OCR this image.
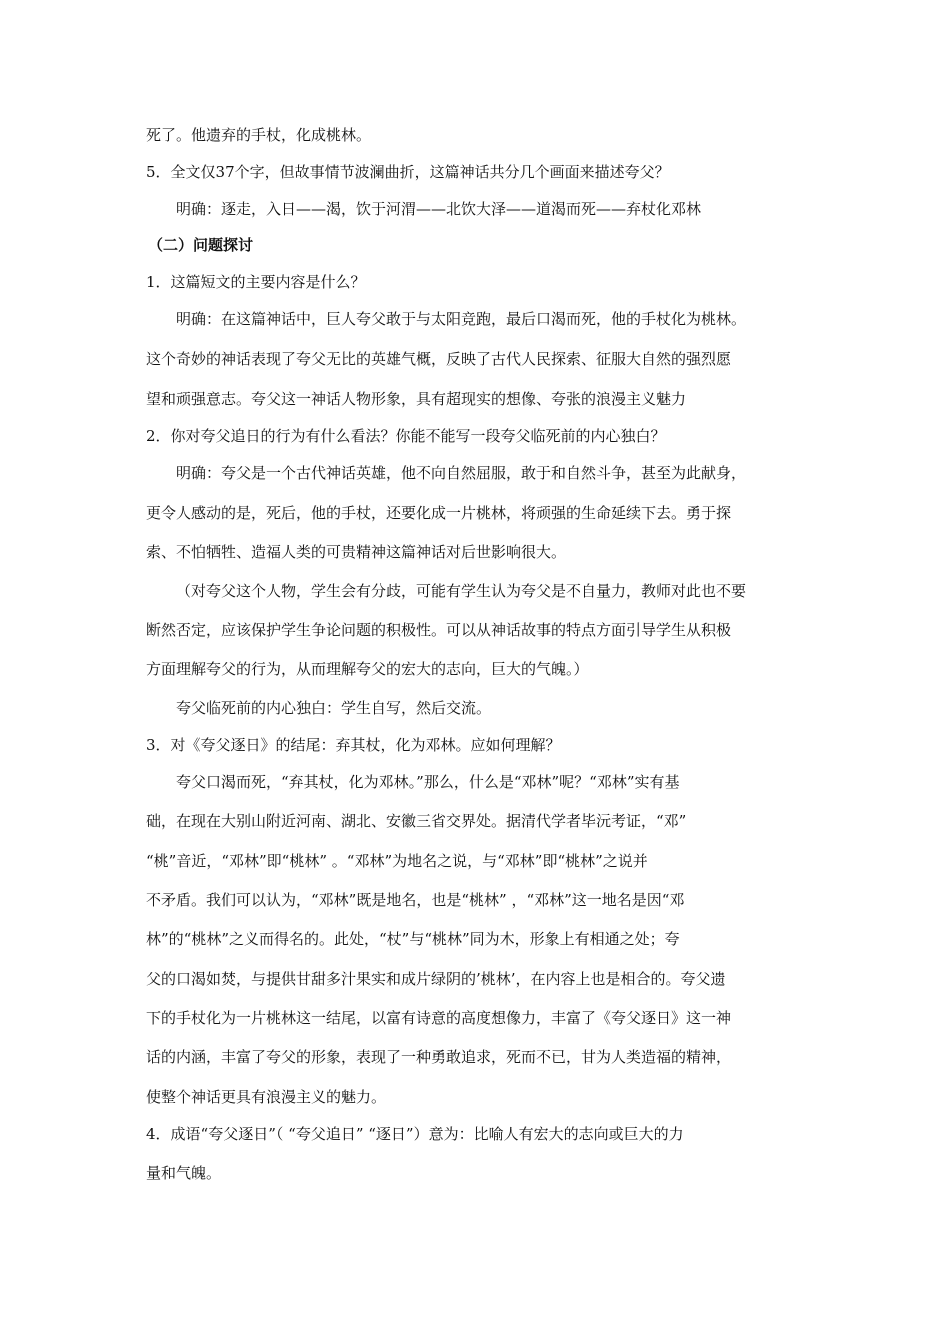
死了。他遗弃的手杖，化成桃林。
5．全文仅37个字，但故事情节波澜曲折，这篇神话共分几个画面来描述夸父？
明确：逐走，入日——渴，饮于河渭——北饮大泽——道渴而死——弃杖化邓林
（二）问题探讨
1．这篇短文的主要内容是什么？
明确：在这篇神话中，巨人夸父敢于与太阳竞跑，最后口渴而死，他的手杖化为桃林。
这个奇妙的神话表现了夸父无比的英雄气概，反映了古代人民探索、征服大自然的强烈愿
望和顽强意志。夸父这一神话人物形象，具有超现实的想像、夸张的浪漫主义魅力
2．你对夸父追日的行为有什么看法？你能不能写一段夸父临死前的内心独白？
明确：夸父是一个古代神话英雄，他不向自然屈服，敢于和自然斗争，甚至为此献身，
更令人感动的是，死后，他的手杖，还要化成一片桃林，将顽强的生命延续下去。勇于探
索、不怕牺牲、造福人类的可贵精神这篇神话对后世影响很大。
（对夸父这个人物，学生会有分歧，可能有学生认为夸父是不自量力，教师对此也不要
断然否定，应该保护学生争论问题的积极性。可以从神话故事的特点方面引导学生从积极
方面理解夸父的行为，从而理解夸父的宏大的志向，巨大的气魄。）
夸父临死前的内心独白：学生自写，然后交流。
3．对《夸父逐日》的结尾：弃其杖，化为邓林。应如何理解？
夸父口渴而死，“弃其杖，化为邓林。”那么，什么是“邓林”呢？“邓林”实有基
础，在现在大别山附近河南、湖北、安徽三省交界处。据清代学者毕沅考证，“邓”
“桃”音近，“邓林”即“桃林” 。“邓林”为地名之说，与“邓林”即“桃林”之说并
不矛盾。我们可以认为，“邓林”既是地名，也是“桃林” ，“邓林”这一地名是因“邓
林”的“桃林”之义而得名的。此处，“杖”与“桃林”同为木，形象上有相通之处；夸
父的口渴如焚，与提供甘甜多汁果实和成片绿阴的’桃林’，在内容上也是相合的。夸父遗
下的手杖化为一片桃林这一结尾，以富有诗意的高度想像力，丰富了《夸父逐日》这一神
话的内涵，丰富了夸父的形象，表现了一种勇敢追求，死而不已，甘为人类造福的精神，
使整个神话更具有浪漫主义的魅力。
4．成语“夸父逐日”（ “夸父追日” “逐日”）意为：比喻人有宏大的志向或巨大的力
量和气魄。
